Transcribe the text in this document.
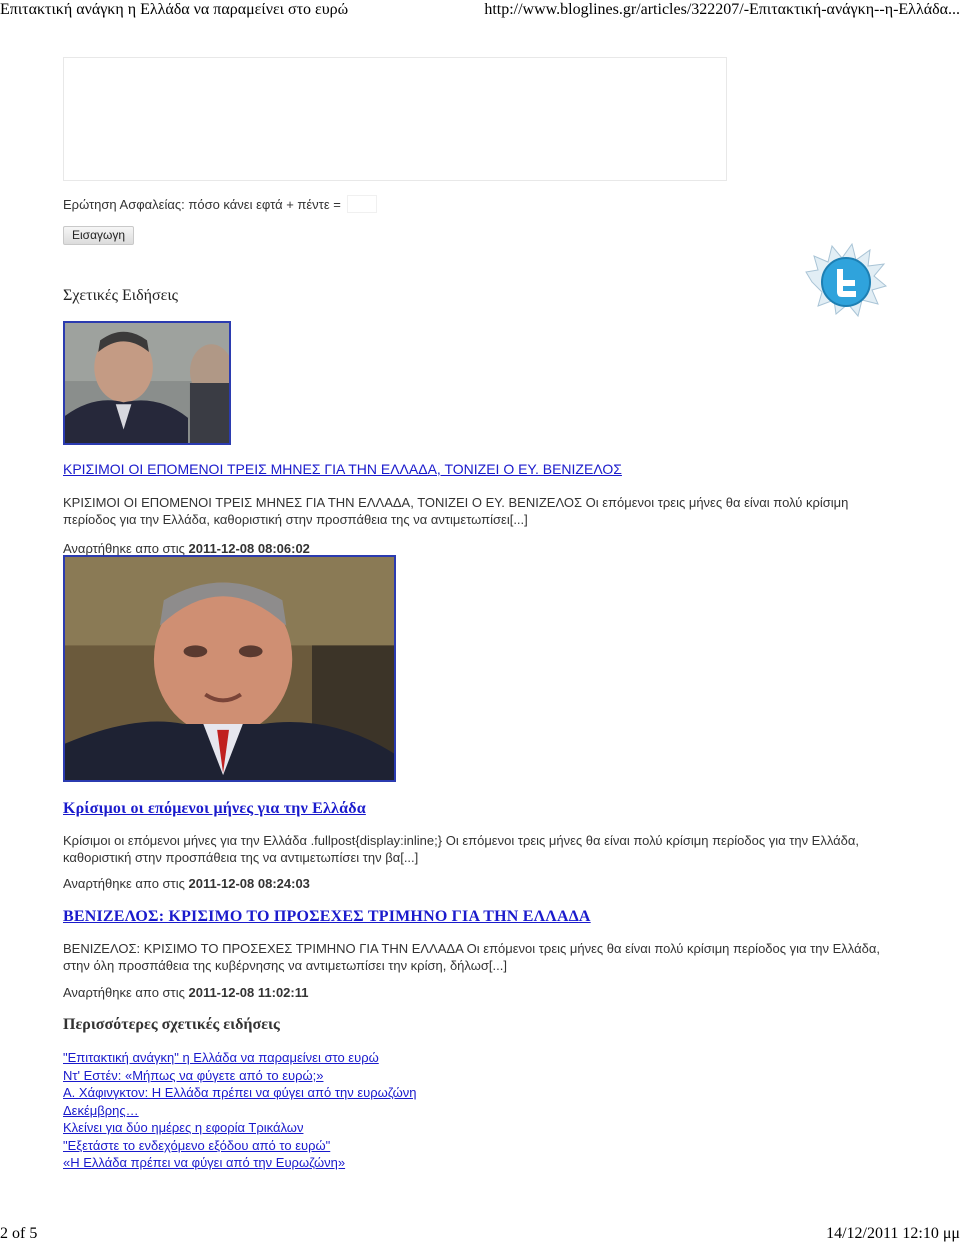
Επιτακτική ανάγκη η Ελλάδα να παραμείνει στο ευρώ	http://www.bloglines.gr/articles/322207/-Επιτακτική-ανάγκη--η-Ελλάδα...
Ερώτηση Ασφαλείας: πόσο κάνει εφτά + πέντε =
Εισαγωγη
Σχετικές Ειδήσεις
ΚΡΙΣΙΜΟΙ ΟΙ ΕΠΟΜΕΝΟΙ ΤΡΕΙΣ ΜΗΝΕΣ ΓΙΑ ΤΗΝ ΕΛΛΑΔΑ, ΤΟΝΙΖΕΙ Ο ΕΥ. ΒΕΝΙΖΕΛΟΣ
ΚΡΙΣΙΜΟΙ ΟΙ ΕΠΟΜΕΝΟΙ ΤΡΕΙΣ ΜΗΝΕΣ ΓΙΑ ΤΗΝ ΕΛΛΑΔΑ, ΤΟΝΙΖΕΙ Ο ΕΥ. ΒΕΝΙΖΕΛΟΣ Οι επόμενοι τρεις μήνες θα είναι πολύ κρίσιμη περίοδος για την Ελλάδα, καθοριστική στην προσπάθεια της να αντιμετωπίσει[...]
Αναρτήθηκε απο στις 2011-12-08 08:06:02
Κρίσιμοι οι επόμενοι μήνες για την Ελλάδα
Κρίσιμοι οι επόμενοι μήνες για την Ελλάδα .fullpost{display:inline;} Οι επόμενοι τρεις μήνες θα είναι πολύ κρίσιμη περίοδος για την Ελλάδα, καθοριστική στην προσπάθεια της να αντιμετωπίσει την βα[...]
Αναρτήθηκε απο στις 2011-12-08 08:24:03
ΒΕΝΙΖΕΛΟΣ: ΚΡΙΣΙΜΟ ΤΟ ΠΡΟΣΕΧΕΣ ΤΡΙΜΗΝΟ ΓΙΑ ΤΗΝ ΕΛΛΑΔΑ
ΒΕΝΙΖΕΛΟΣ: ΚΡΙΣΙΜΟ ΤΟ ΠΡΟΣΕΧΕΣ ΤΡΙΜΗΝΟ ΓΙΑ ΤΗΝ ΕΛΛΑΔΑ Οι επόμενοι τρεις μήνες θα είναι πολύ κρίσιμη περίοδος για την Ελλάδα, στην όλη προσπάθεια της κυβέρνησης να αντιμετωπίσει την κρίση, δήλωσ[...]
Αναρτήθηκε απο στις 2011-12-08 11:02:11
Περισσότερες σχετικές ειδήσεις
"Επιτακτική ανάγκη" η Ελλάδα να παραμείνει στο ευρώ
Ντ' Εστέν: «Μήπως να φύγετε από το ευρώ;»
Α. Χάφινγκτον: Η Ελλάδα πρέπει να φύγει από την ευρωζώνη
Δεκέμβρης…
Κλείνει για δύο ημέρες η εφορία Τρικάλων
"Εξετάστε το ενδεχόμενο εξόδου από το ευρώ"
«Η Ελλάδα πρέπει να φύγει από την Ευρωζώνη»
2 of 5	14/12/2011 12:10 μμ
